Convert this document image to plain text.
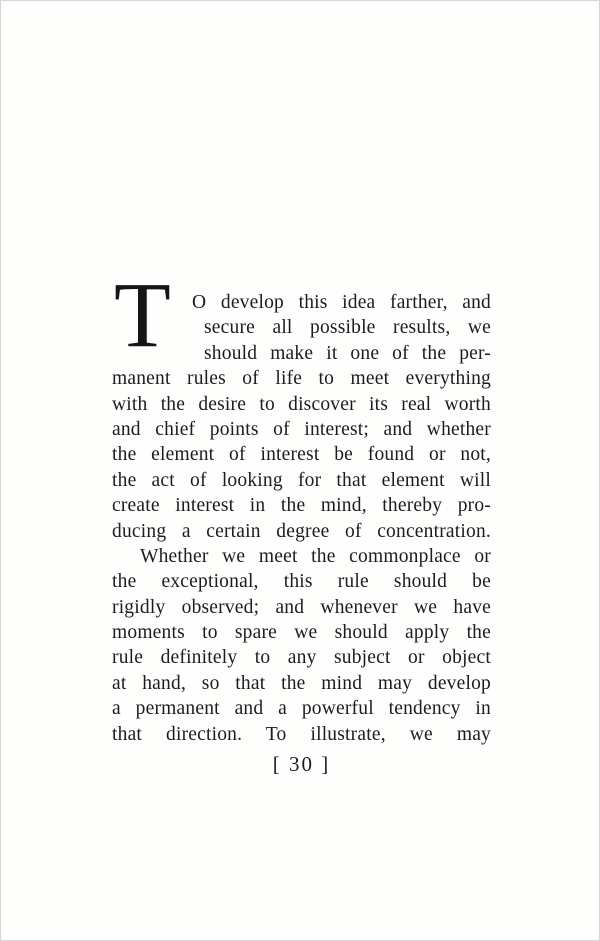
T	O develop this idea farther, and
secure all possible results, we
should make it one of the per-
manent rules of life to meet everything
with the desire to discover its real worth
and chief points of interest; and whether
the element of interest be found or not,
the act of looking for that element will
create interest in the mind, thereby pro-
ducing a certain degree of concentration.
Whether we meet the commonplace or
the exceptional, this rule should be
rigidly observed; and whenever we have
moments to spare we should apply the
rule definitely to any subject or object
at hand, so that the mind may develop
a permanent and a powerful tendency in
that direction. To illustrate, we may
[ 30 ]
